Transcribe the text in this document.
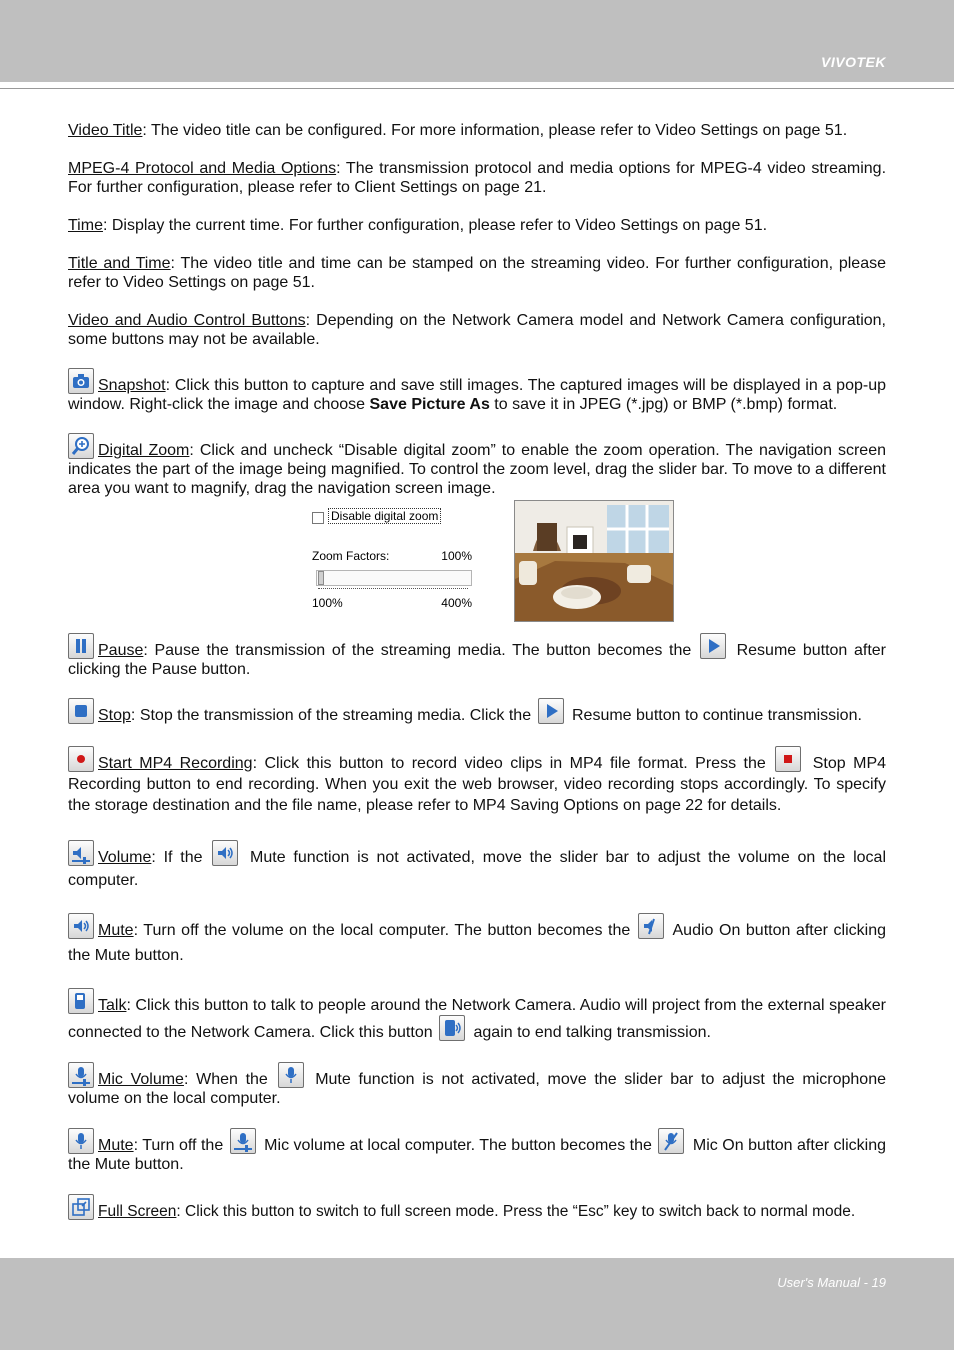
VIVOTEK

Video Title: The video title can be configured. For more information, please refer to Video Settings on page 51.

MPEG-4 Protocol and Media Options: The transmission protocol and media options for MPEG-4 video streaming. For further configuration, please refer to Client Settings on page 21.

Time: Display the current time. For further configuration, please refer to Video Settings on page 51.

Title and Time: The video title and time can be stamped on the streaming video. For further configuration, please refer to Video Settings on page 51.

Video and Audio Control Buttons: Depending on the Network Camera model and Network Camera configuration, some buttons may not be available.

Snapshot: Click this button to capture and save still images. The captured images will be displayed in a pop-up window. Right-click the image and choose Save Picture As to save it in JPEG (*.jpg) or BMP (*.bmp) format.

Digital Zoom: Click and uncheck “Disable digital zoom” to enable the zoom operation. The navigation screen indicates the part of the image being magnified. To control the zoom level, drag the slider bar. To move to a different area you want to magnify, drag the navigation screen image.

Disable digital zoom
Zoom Factors:	100%
100%	400%

Pause: Pause the transmission of the streaming media. The button becomes the
Resume button after clicking the Pause button.

Stop: Stop the transmission of the streaming media. Click the
Resume button to continue transmission.

Start MP4 Recording: Click this button to record video clips in MP4 file format. Press the
Stop MP4 Recording button to end recording. When you exit the web browser, video recording stops accordingly. To specify the storage destination and the file name, please refer to MP4 Saving Options on page 22 for details.

Volume: If the
Mute function is not activated, move the slider bar to adjust the volume on the local computer.

Mute: Turn off the volume on the local computer. The button becomes the
Audio On button after clicking the Mute button.

Talk: Click this button to talk to people around the Network Camera. Audio will project from the external speaker connected to the Network Camera. Click this button
again to end talking transmission.

Mic Volume: When the
Mute function is not activated, move the slider bar to adjust the microphone volume on the local computer.

Mute: Turn off the
Mic volume at local computer. The button becomes the
Mic On button after clicking the Mute button.

Full Screen: Click this button to switch to full screen mode. Press the “Esc” key to switch back to normal mode.

User's Manual - 19
